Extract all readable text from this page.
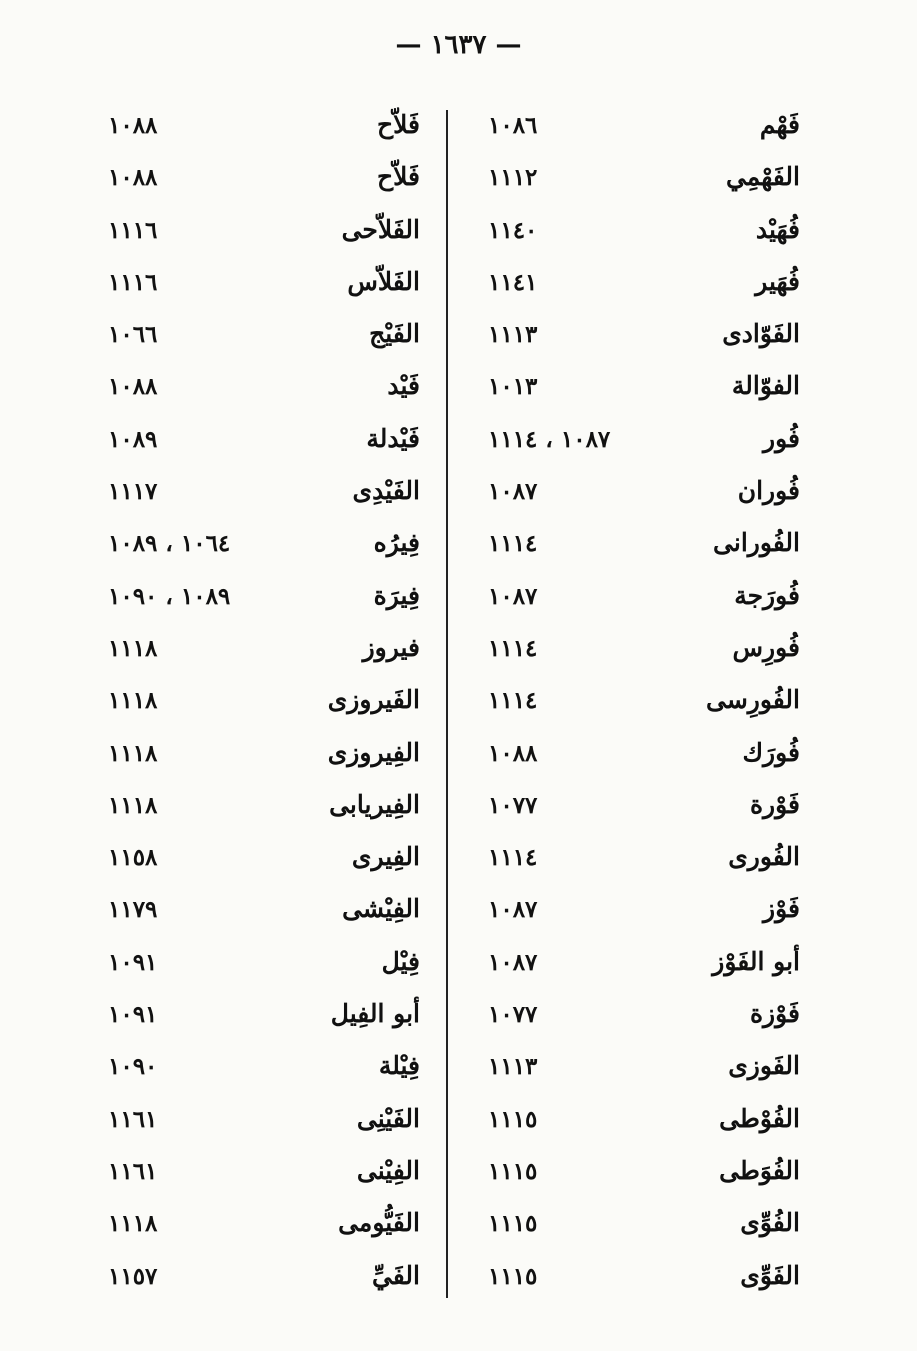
— ١٦٣٧ —
فَهْم
١٠٨٦
الفَهْمِي
١١١٢
فُهَيْد
١١٤٠
فُهَير
١١٤١
الفَوّادى
١١١٣
الفوّالة
١٠١٣
فُور
١٠٨٧ ، ١١١٤
فُوران
١٠٨٧
الفُورانى
١١١٤
فُورَجة
١٠٨٧
فُورِس
١١١٤
الفُورِسى
١١١٤
فُورَك
١٠٨٨
فَوْرة
١٠٧٧
الفُورى
١١١٤
فَوْز
١٠٨٧
أبو الفَوْز
١٠٨٧
فَوْزة
١٠٧٧
الفَوزى
١١١٣
الفُوْطى
١١١٥
الفُوَطى
١١١٥
الفُوِّى
١١١٥
الفَوِّى
١١١٥
فَلاّح
١٠٨٨
فَلاّح
١٠٨٨
الفَلاّحى
١١١٦
الفَلاّس
١١١٦
الفَيْج
١٠٦٦
فَيْد
١٠٨٨
فَيْدلة
١٠٨٩
الفَيْدِى
١١١٧
فِيرُه
١٠٦٤ ، ١٠٨٩
فِيرَة
١٠٨٩ ، ١٠٩٠
فيروز
١١١٨
الفَيروزى
١١١٨
الفِيروزى
١١١٨
الفِيريابى
١١١٨
الفِيرى
١١٥٨
الفِيْشى
١١٧٩
فِيْل
١٠٩١
أبو الفِيل
١٠٩١
فِيْلة
١٠٩٠
الفَيْنِى
١١٦١
الفِيْنى
١١٦١
الفَيُّومى
١١١٨
الفَيِّ
١١٥٧
